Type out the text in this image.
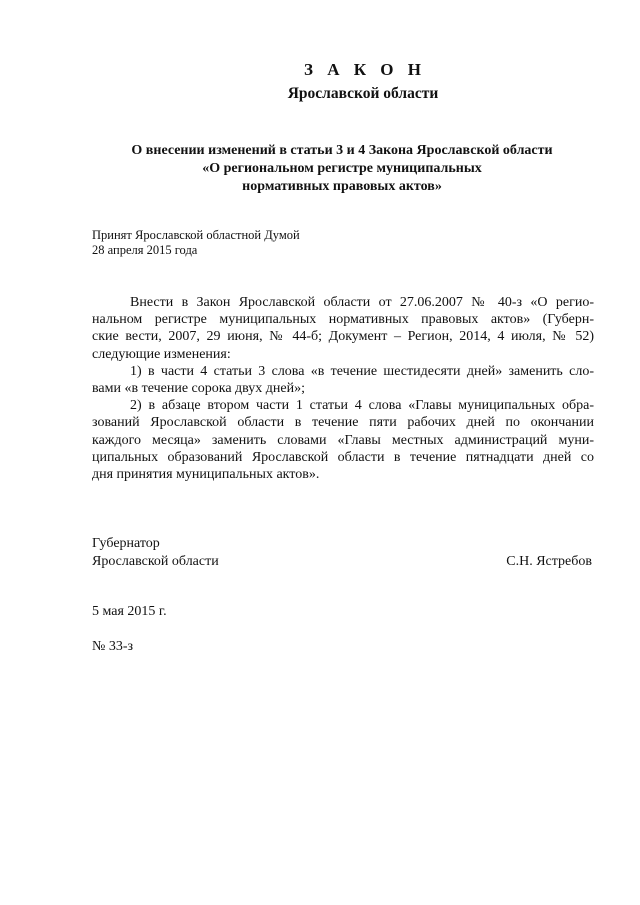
З А К О Н
Ярославской области
О внесении изменений в статьи 3 и 4 Закона Ярославской области
«О региональном регистре муниципальных
нормативных правовых актов»
Принят Ярославской областной Думой
28 апреля 2015 года
Внести в Закон Ярославской области от 27.06.2007 № 40-з «О регио-
нальном регистре муниципальных нормативных правовых актов» (Губерн-
ские вести, 2007, 29 июня, № 44-б; Документ – Регион, 2014, 4 июля, № 52)
следующие изменения:
1) в части 4 статьи 3 слова «в течение шестидесяти дней» заменить сло-
вами «в течение сорока двух дней»;
2) в абзаце втором части 1 статьи 4 слова «Главы муниципальных обра-
зований Ярославской области в течение пяти рабочих дней по окончании
каждого месяца» заменить словами «Главы местных администраций муни-
ципальных образований Ярославской области в течение пятнадцати дней со
дня принятия муниципальных актов».
Губернатор
Ярославской области	С.Н. Ястребов
5 мая 2015 г.
№ 33-з
